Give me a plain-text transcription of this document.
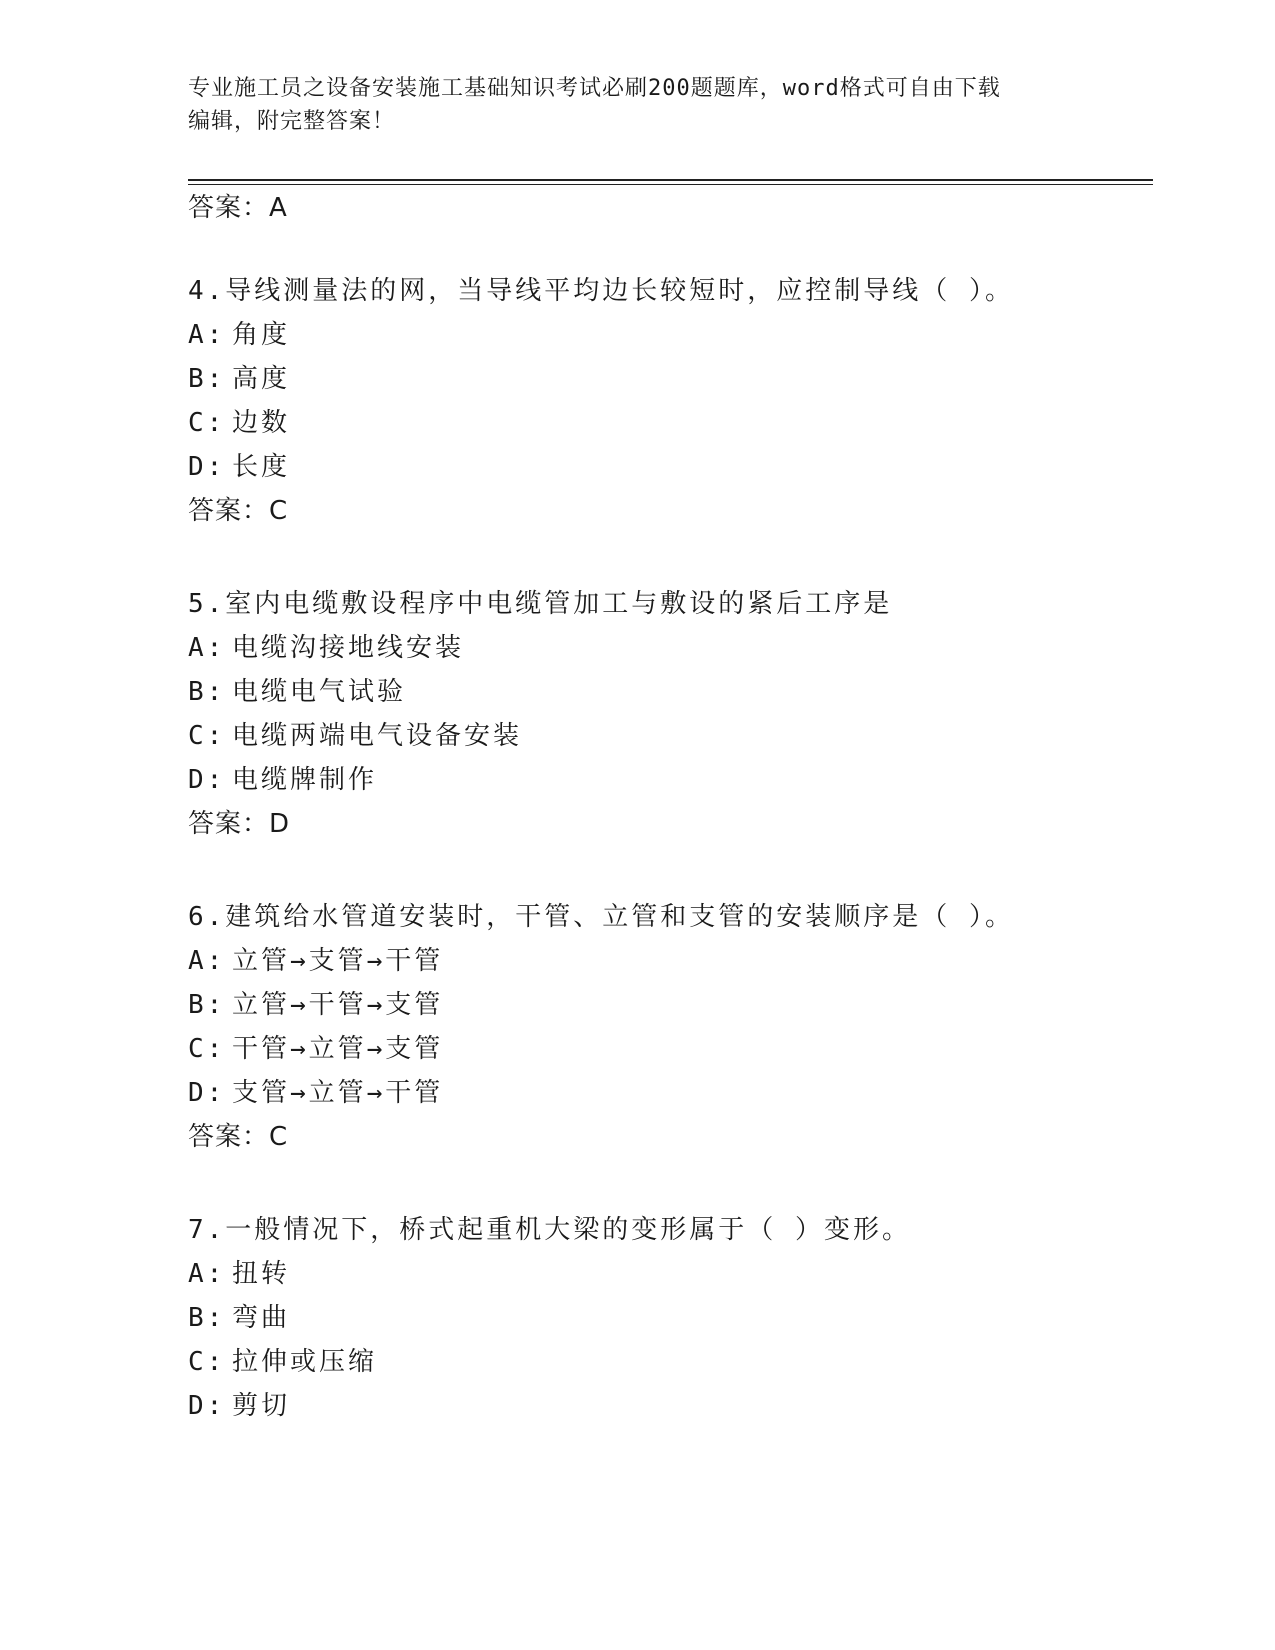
专业施工员之设备安装施工基础知识考试必刷200题题库，word格式可自由下载
编辑，附完整答案！
答案：A
4.导线测量法的网，当导线平均边长较短时，应控制导线（ ）。
A: 角度
B: 高度
C: 边数
D: 长度
答案：C
5.室内电缆敷设程序中电缆管加工与敷设的紧后工序是
A: 电缆沟接地线安装
B: 电缆电气试验
C: 电缆两端电气设备安装
D: 电缆牌制作
答案：D
6.建筑给水管道安装时，干管、立管和支管的安装顺序是（ ）。
A: 立管→支管→干管
B: 立管→干管→支管
C: 干管→立管→支管
D: 支管→立管→干管
答案：C
7.一般情况下，桥式起重机大梁的变形属于（ ）变形。
A: 扭转
B: 弯曲
C: 拉伸或压缩
D: 剪切
